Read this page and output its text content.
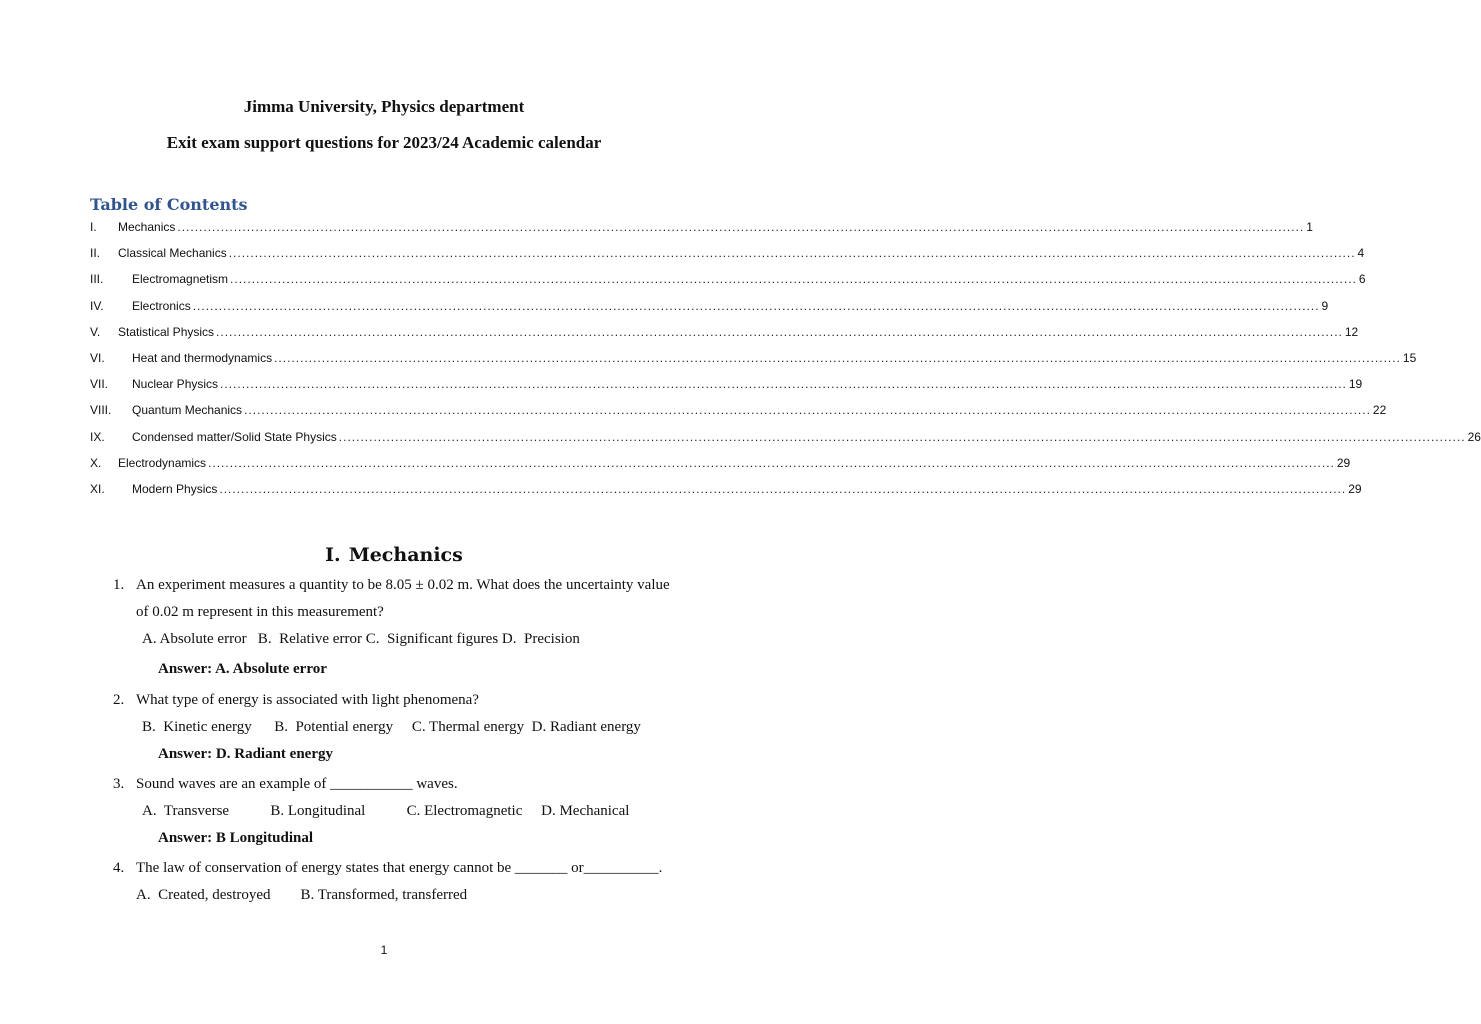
Jimma University, Physics department
Exit exam support questions for 2023/24 Academic calendar
Table of Contents
I. Mechanics .................................................................................................................................................................................................................................................................... 1
II. Classical Mechanics .................................................................................................................................................................................................................................................................... 4
III. Electromagnetism .................................................................................................................................................................................................................................................................... 6
IV. Electronics .................................................................................................................................................................................................................................................................... 9
V. Statistical Physics .................................................................................................................................................................................................................................................................... 12
VI. Heat and thermodynamics .................................................................................................................................................................................................................................................................... 15
VII. Nuclear Physics .................................................................................................................................................................................................................................................................... 19
VIII. Quantum Mechanics .................................................................................................................................................................................................................................................................... 22
IX. Condensed matter/Solid State Physics .................................................................................................................................................................................................................................................................... 26
X. Electrodynamics .................................................................................................................................................................................................................................................................... 29
XI. Modern Physics .................................................................................................................................................................................................................................................................... 29
I. Mechanics
1. An experiment measures a quantity to be 8.05 ± 0.02 m. What does the uncertainty value
of 0.02 m represent in this measurement?
A. Absolute error   B.  Relative error C.  Significant figures D.  Precision
Answer: A. Absolute error
2. What type of energy is associated with light phenomena?
B.  Kinetic energy      B.  Potential energy     C. Thermal energy  D. Radiant energy
Answer: D. Radiant energy
3. Sound waves are an example of ___________ waves.
A.  Transverse           B. Longitudinal           C. Electromagnetic     D. Mechanical
Answer: B Longitudinal
4. The law of conservation of energy states that energy cannot be _______ or__________.
A.  Created, destroyed        B. Transformed, transferred
1
